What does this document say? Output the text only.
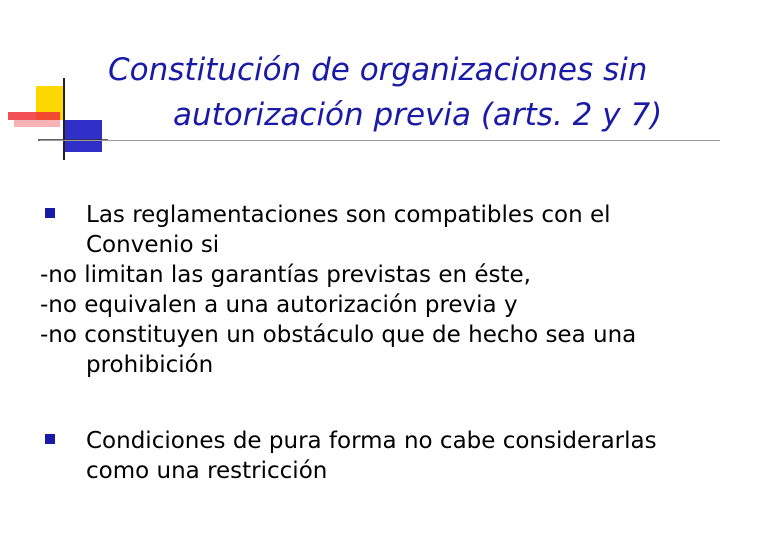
Constitución de organizaciones sin
autorización previa (arts. 2 y 7)
Las reglamentaciones son compatibles con el
Convenio si
-no limitan las garantías previstas en éste,
-no equivalen a una autorización previa y
-no constituyen un obstáculo que de hecho sea una
prohibición
Condiciones de pura forma no cabe considerarlas
como una restricción
